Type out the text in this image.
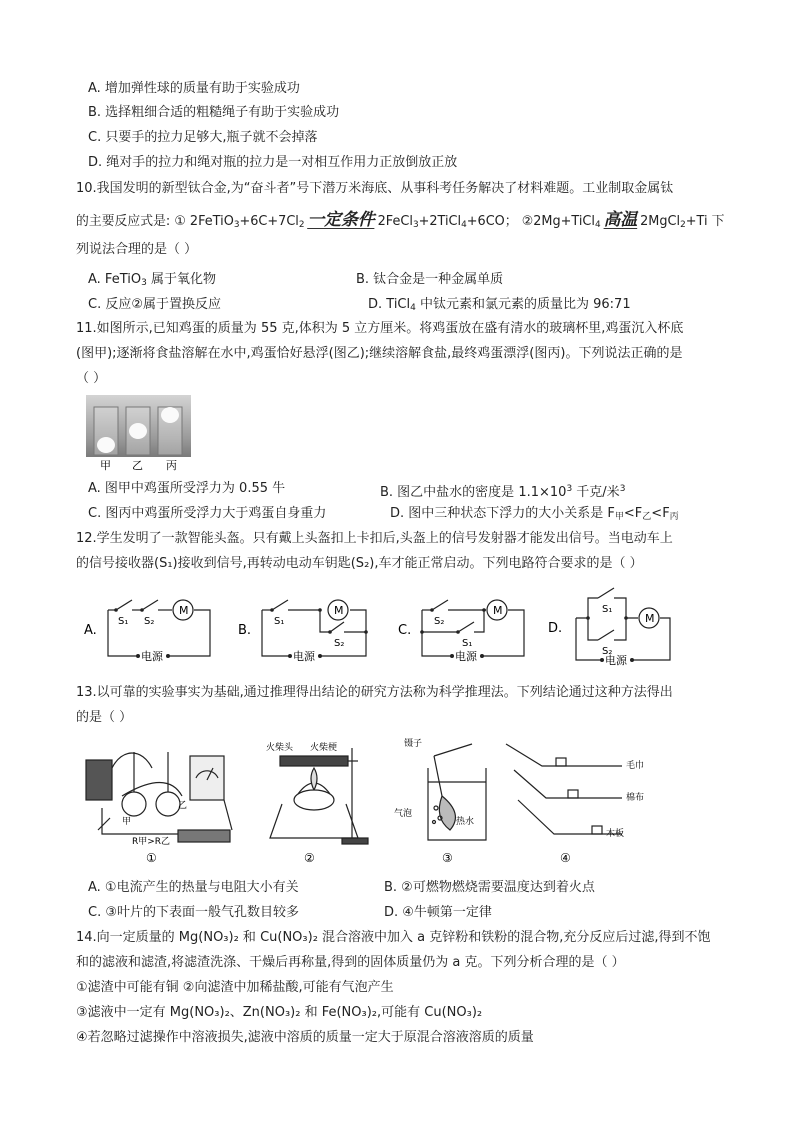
A. 增加弹性球的质量有助于实验成功
B. 选择粗细合适的粗糙绳子有助于实验成功
C. 只要手的拉力足够大,瓶子就不会掉落
D. 绳对手的拉力和绳对瓶的拉力是一对相互作用力正放倒放正放
10.我国发明的新型钛合金,为“奋斗者”号下潜万米海底、从事科考任务解决了材料难题。工业制取金属钛
的主要反应式是: ① $2FeTiO_3+6C+7Cl_2$ 一定条件 2FeCl$_3$+2TiCl$_4$+6CO； ②2Mg+TiCl$_4$ 高温 2MgCl$_2$+Ti 下
列说法合理的是（ ）
A. FeTiO$_3$ 属于氧化物	B. 钛合金是一种金属单质
C. 反应②属于置换反应	D. TiCl$_4$ 中钛元素和氯元素的质量比为 96:71
11.如图所示,已知鸡蛋的质量为 55 克,体积为 5 立方厘米。将鸡蛋放在盛有清水的玻璃杯里,鸡蛋沉入杯底
(图甲);逐渐将食盐溶解在水中,鸡蛋恰好悬浮(图乙);继续溶解食盐,最终鸡蛋漂浮(图丙)。下列说法正确的是
（ ）
甲 乙 丙
A. 图甲中鸡蛋所受浮力为 0.55 牛	B. 图乙中盐水的密度是 $1.1\times 10^3$ 千克/米$^3$
C. 图丙中鸡蛋所受浮力大于鸡蛋自身重力	D. 图中三种状态下浮力的大小关系是 $F_甲<F_乙<F_丙$
12.学生发明了一款智能头盔。只有戴上头盔扣上卡扣后,头盔上的信号发射器才能发出信号。当电动车上
的信号接收器(S₁)接收到信号,再转动电动车钥匙(S₂),车才能正常启动。下列电路符合要求的是（ ）
A.
M
S₁ S₂
电源
B.
M
S₁
S₂
电源
C.
M
S₂
S₁
电源
D.
M
S₁
S₂
电源
13.以可靠的实验事实为基础,通过推理得出结论的研究方法称为科学推理法。下列结论通过这种方法得出
的是（ ）
甲
乙
R甲>R乙
①
火柴头 火柴梗
②
镊子
气泡
热水
③
毛巾
棉布
木板
④
A. ①电流产生的热量与电阻大小有关	B. ②可燃物燃烧需要温度达到着火点
C. ③叶片的下表面一般气孔数目较多	D. ④牛顿第一定律
14.向一定质量的 Mg(NO₃)₂ 和 Cu(NO₃)₂ 混合溶液中加入 a 克锌粉和铁粉的混合物,充分反应后过滤,得到不饱
和的滤液和滤渣,将滤渣洗涤、干燥后再称量,得到的固体质量仍为 a 克。下列分析合理的是（ ）
①滤渣中可能有铜 ②向滤渣中加稀盐酸,可能有气泡产生
③滤液中一定有 Mg(NO₃)₂、Zn(NO₃)₂ 和 Fe(NO₃)₂,可能有 Cu(NO₃)₂
④若忽略过滤操作中溶液损失,滤液中溶质的质量一定大于原混合溶液溶质的质量
